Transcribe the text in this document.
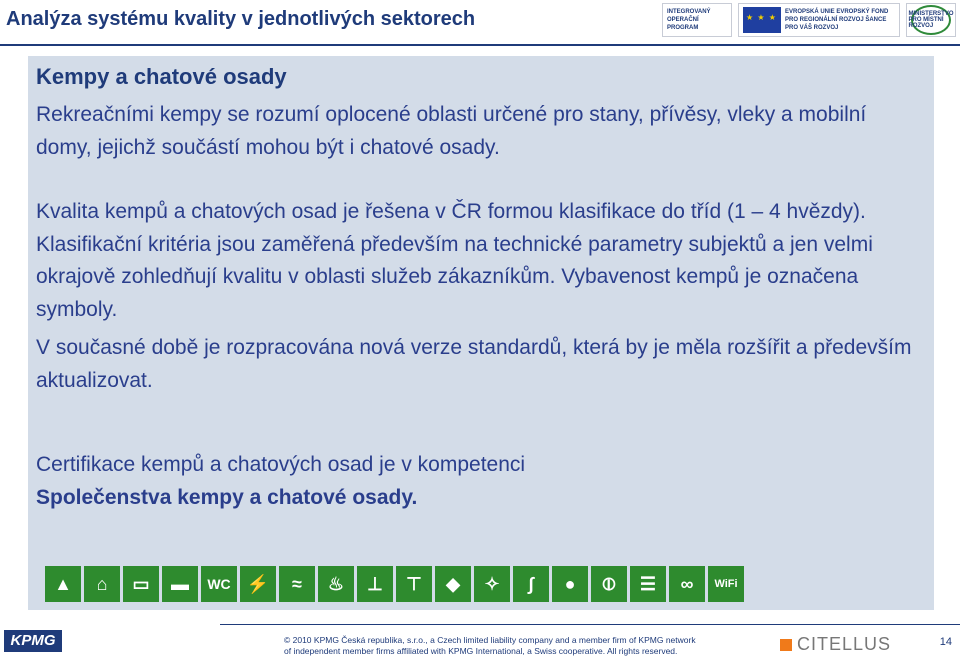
Analýza systému kvality v jednotlivých sektorech	INTEGROVANÝ OPERAČNÍ PROGRAM
★ ★ ★
EVROPSKÁ UNIE EVROPSKÝ FOND PRO REGIONÁLNÍ ROZVOJ ŠANCE PRO VÁŠ ROZVOJ
MINISTERSTVO PRO MÍSTNÍ ROZVOJ
Kempy a chatové osady
Rekreačními kempy se rozumí oplocené oblasti určené pro stany, přívěsy, vleky a mobilní domy, jejichž součástí mohou být i chatové osady.
Kvalita kempů a chatových osad je řešena v ČR formou klasifikace do tříd (1 – 4 hvězdy). Klasifikační kritéria jsou zaměřená především na technické parametry subjektů a jen velmi okrajově zohledňují kvalitu v oblasti služeb zákazníkům. Vybavenost kempů je označena symboly.
V současné době je rozpracována nová verze standardů, která by je měla rozšířit a především aktualizovat.
Certifikace kempů a chatových osad je v kompetenci
Společenstva kempy a chatové osady.
▲	⌂	▭	▬	WC ⚡	≈	♨	⊥	⊤	◆	✧	∫	●	⦶	☰	∞	WiFi
KPMG	© 2010 KPMG Česká republika, s.r.o., a Czech limited liability company and a member firm of KPMG network
of independent member firms affiliated with KPMG International, a Swiss cooperative. All rights reserved.	CITELLUS	14
